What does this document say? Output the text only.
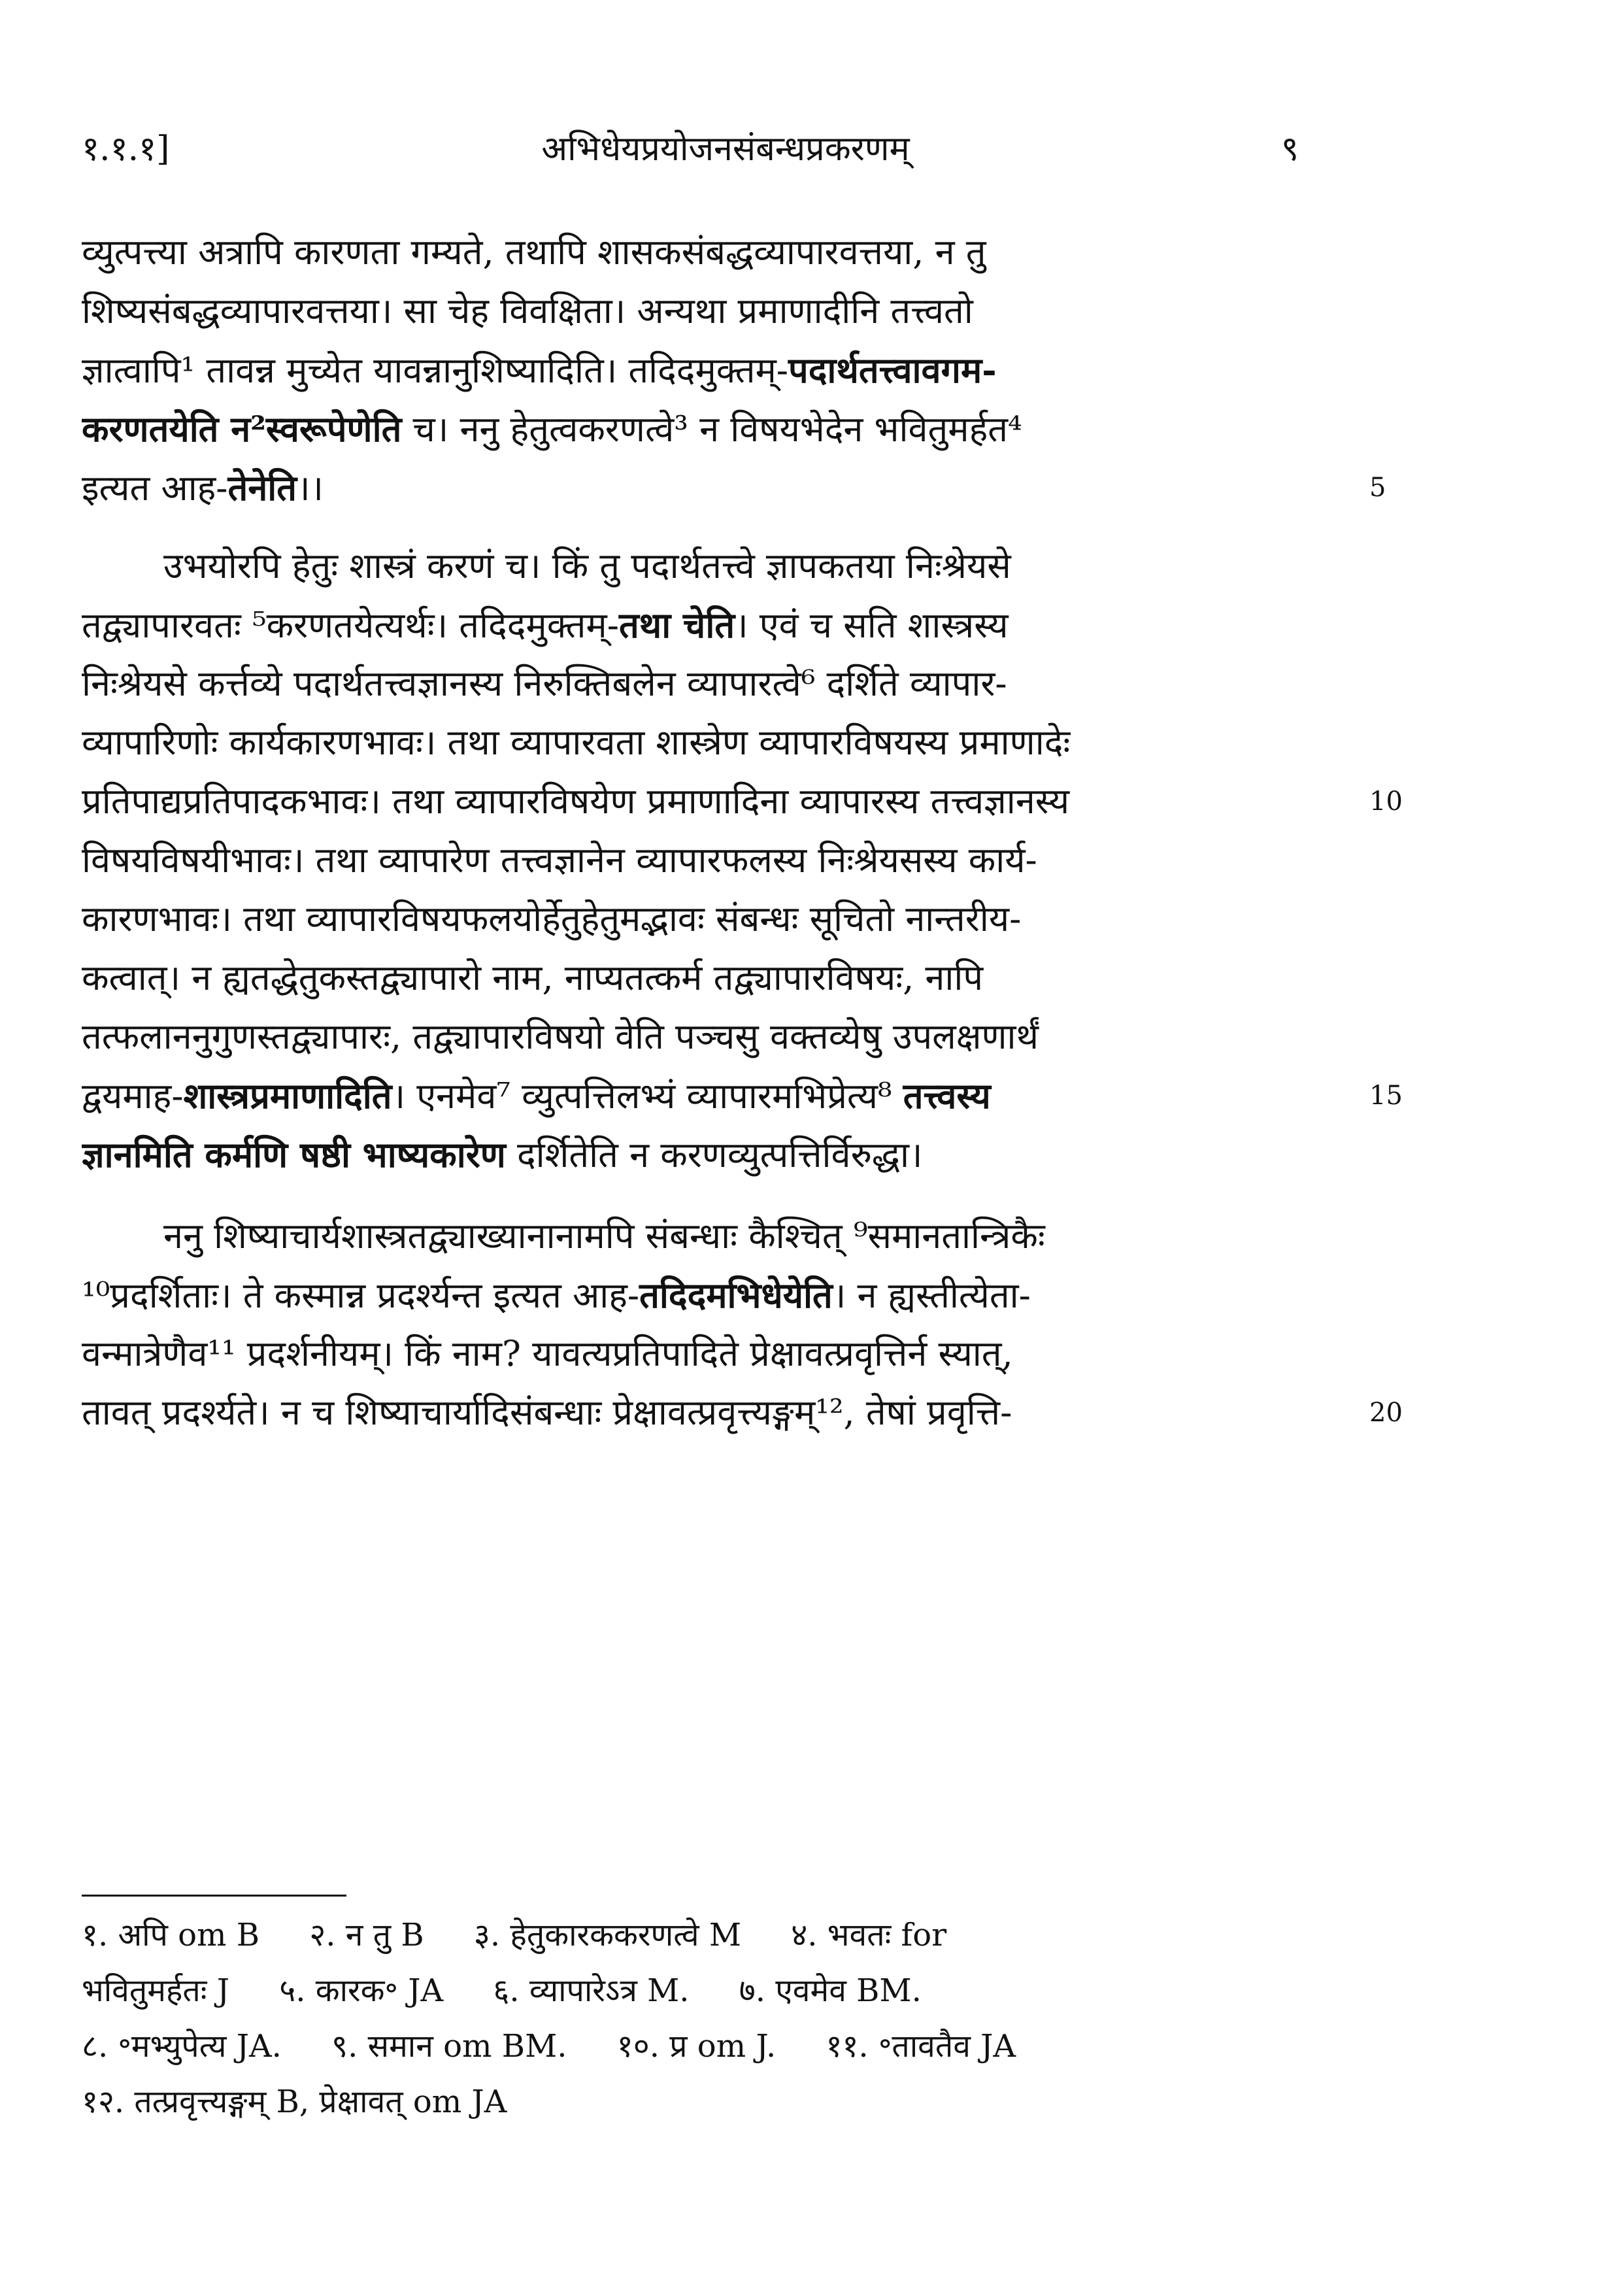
१.१.१]	अभिधेयप्रयोजनसंबन्धप्रकरणम्	९
व्युत्पत्त्या अत्रापि कारणता गम्यते, तथापि शासकसंबद्धव्यापारवत्तया, न तु
शिष्यसंबद्धव्यापारवत्तया। सा चेह विवक्षिता। अन्यथा प्रमाणादीनि तत्त्वतो
ज्ञात्वापि¹ तावन्न मुच्येत यावन्नानुशिष्यादिति। तदिदमुक्तम्-पदार्थतत्त्वावगम-
करणतयेति न²स्वरूपेणेति च। ननु हेतुत्वकरणत्वे³ न विषयभेदेन भवितुमर्हत⁴
इत्यत आह-तेनेति।।
उभयोरपि हेतुः शास्त्रं करणं च। किं तु पदार्थतत्त्वे ज्ञापकतया निःश्रेयसे
तद्व्यापारवतः ⁵करणतयेत्यर्थः। तदिदमुक्तम्-तथा चेति। एवं च सति शास्त्रस्य
निःश्रेयसे कर्त्तव्ये पदार्थतत्त्वज्ञानस्य निरुक्तिबलेन व्यापारत्वे⁶ दर्शिते व्यापार-
व्यापारिणोः कार्यकारणभावः। तथा व्यापारवता शास्त्रेण व्यापारविषयस्य प्रमाणादेः
प्रतिपाद्यप्रतिपादकभावः। तथा व्यापारविषयेण प्रमाणादिना व्यापारस्य तत्त्वज्ञानस्य
विषयविषयीभावः। तथा व्यापारेण तत्त्वज्ञानेन व्यापारफलस्य निःश्रेयसस्य कार्य-
कारणभावः। तथा व्यापारविषयफलयोर्हेतुहेतुमद्भावः संबन्धः सूचितो नान्तरीय-
कत्वात्। न ह्यतद्धेतुकस्तद्व्यापारो नाम, नाप्यतत्कर्म तद्व्यापारविषयः, नापि
तत्फलाननुगुणस्तद्व्यापारः, तद्व्यापारविषयो वेति पञ्चसु वक्तव्येषु उपलक्षणार्थं
द्वयमाह-शास्त्रप्रमाणादिति। एनमेव⁷ व्युत्पत्तिलभ्यं व्यापारमभिप्रेत्य⁸ तत्त्वस्य
ज्ञानमिति कर्मणि षष्ठी भाष्यकारेण दर्शितेति न करणव्युत्पत्तिर्विरुद्धा।
ननु शिष्याचार्यशास्त्रतद्व्याख्यानानामपि संबन्धाः कैश्चित् ⁹समानतान्त्रिकैः
¹⁰प्रदर्शिताः। ते कस्मान्न प्रदर्श्यन्त इत्यत आह-तदिदमभिधेयेति। न ह्यस्तीत्येता-
वन्मात्रेणैव¹¹ प्रदर्शनीयम्। किं नाम? यावत्यप्रतिपादिते प्रेक्षावत्प्रवृत्तिर्न स्यात्,
तावत् प्रदर्श्यते। न च शिष्याचार्यादिसंबन्धाः प्रेक्षावत्प्रवृत्त्यङ्गम्¹², तेषां प्रवृत्ति-
5
10
15
20
१. अपि om B     २. न तु B     ३. हेतुकारककरणत्वे M     ४. भवतः for
भवितुमर्हतः J     ५. कारक॰ JA     ६. व्यापारेऽत्र M.     ७. एवमेव BM.
८. ॰मभ्युपेत्य JA.     ९. समान om BM.     १०. प्र om J.     ११. ॰तावतैव JA
१२. तत्प्रवृत्त्यङ्गम् B, प्रेक्षावत् om JA
